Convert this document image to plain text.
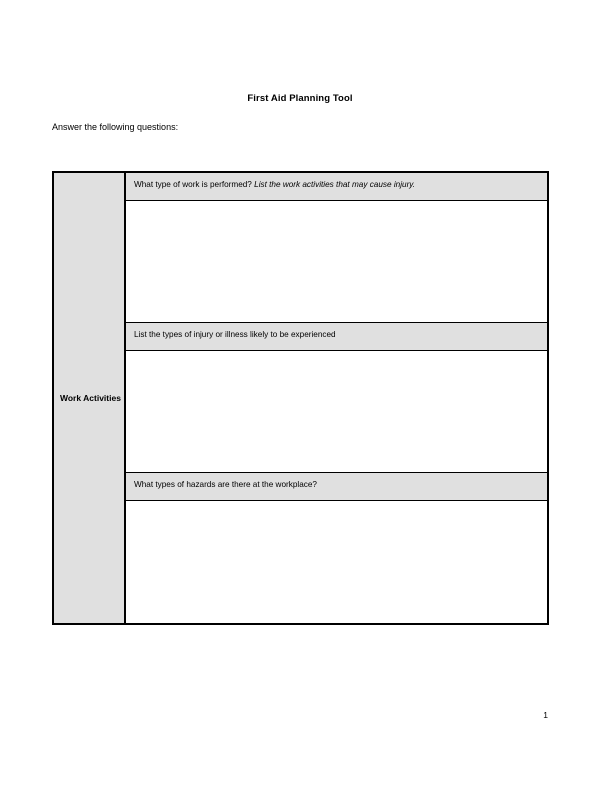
First Aid Planning Tool
Answer the following questions:
Work Activities
What type of work is performed? List the work activities that may cause injury.
List the types of injury or illness likely to be experienced
What types of hazards are there at the workplace?
1
